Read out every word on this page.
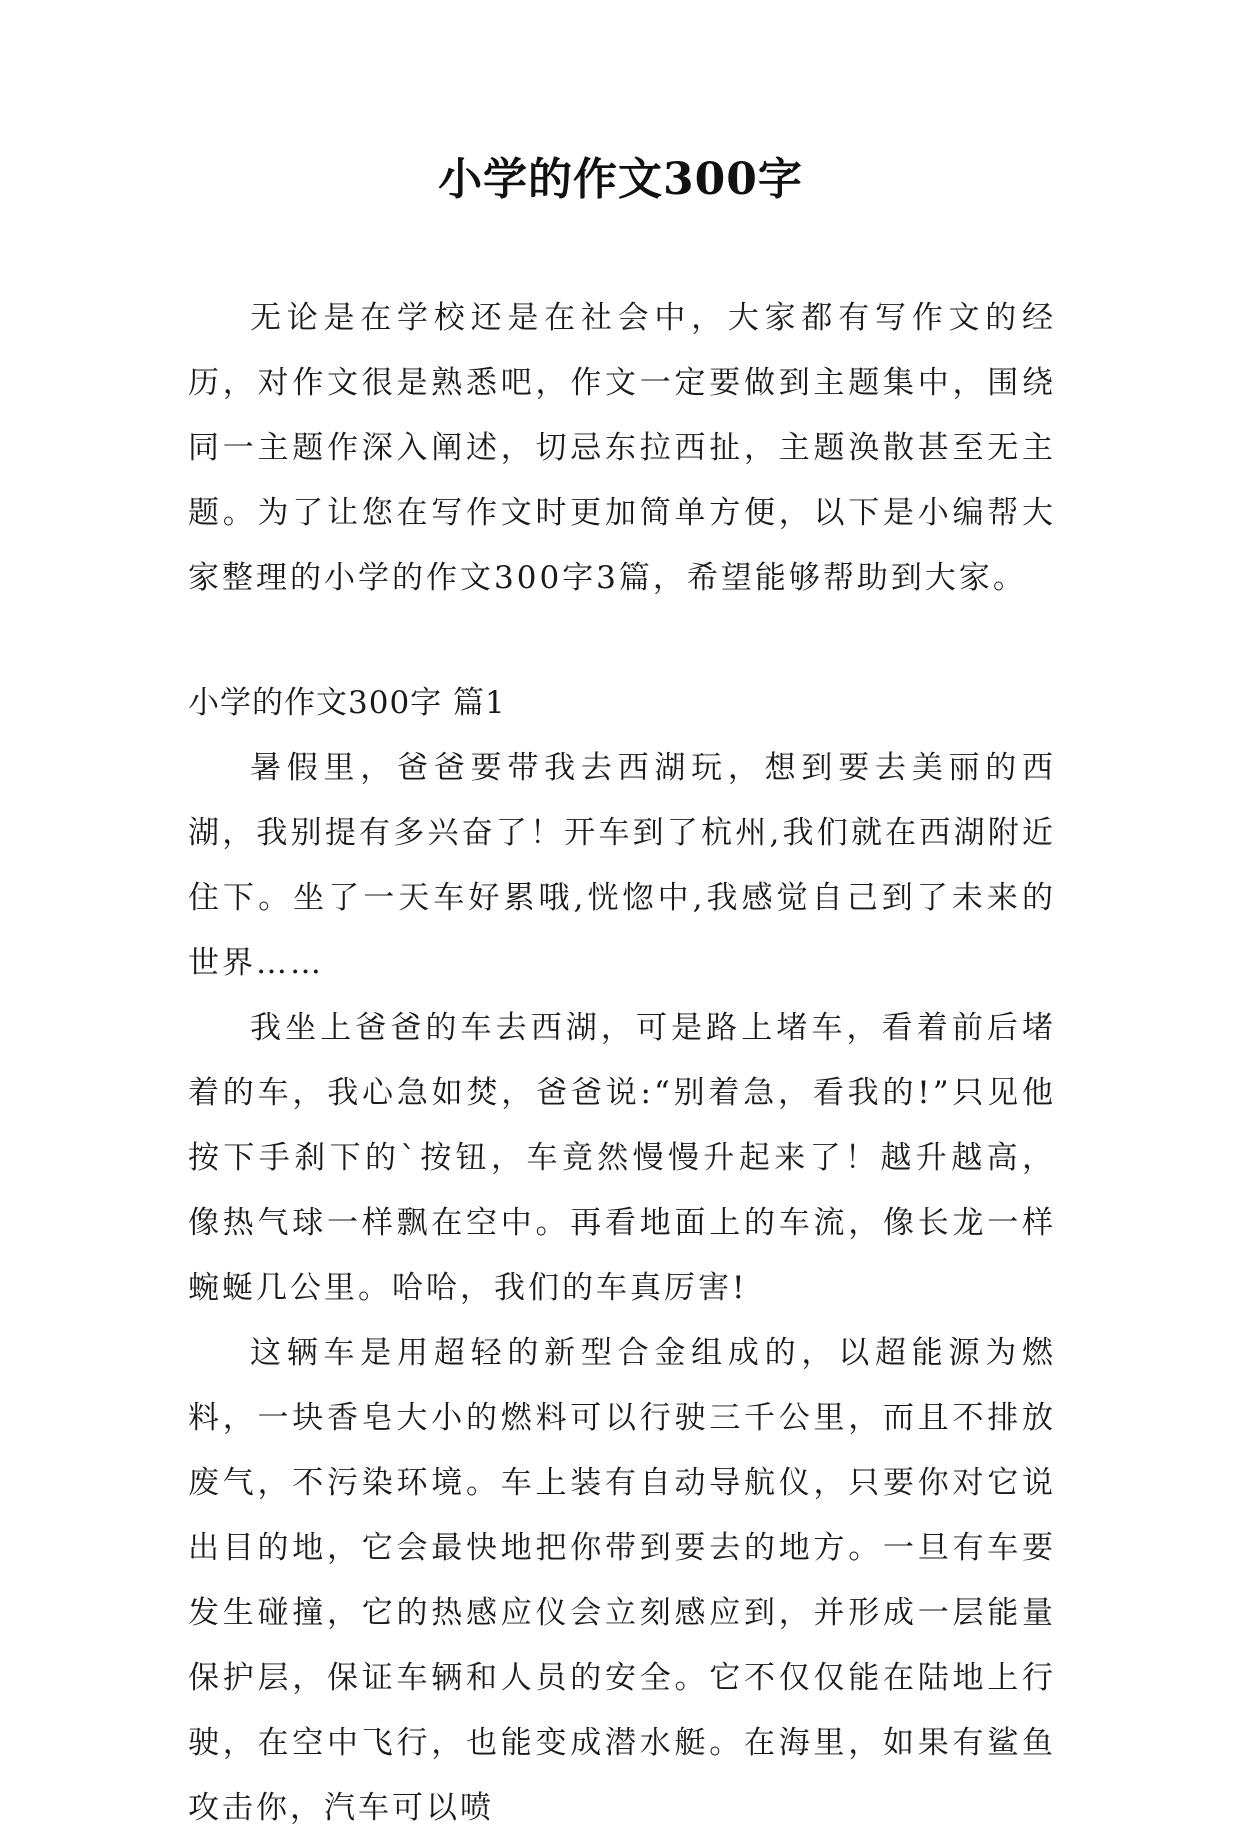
小学的作文300字

无论是在学校还是在社会中，大家都有写作文的经历，对作文很是熟悉吧，作文一定要做到主题集中，围绕同一主题作深入阐述，切忌东拉西扯，主题涣散甚至无主题。为了让您在写作文时更加简单方便，以下是小编帮大家整理的小学的作文300字3篇，希望能够帮助到大家。

小学的作文300字 篇1

暑假里，爸爸要带我去西湖玩，想到要去美丽的西湖，我别提有多兴奋了！开车到了杭州,我们就在西湖附近住下。坐了一天车好累哦,恍惚中,我感觉自己到了未来的世界……

我坐上爸爸的车去西湖，可是路上堵车，看着前后堵着的车，我心急如焚，爸爸说:“别着急，看我的!”只见他按下手刹下的`按钮，车竟然慢慢升起来了！越升越高，像热气球一样飘在空中。再看地面上的车流，像长龙一样蜿蜒几公里。哈哈，我们的车真厉害!

这辆车是用超轻的新型合金组成的，以超能源为燃料，一块香皂大小的燃料可以行驶三千公里，而且不排放废气，不污染环境。车上装有自动导航仪，只要你对它说出目的地，它会最快地把你带到要去的地方。一旦有车要发生碰撞，它的热感应仪会立刻感应到，并形成一层能量保护层，保证车辆和人员的安全。它不仅仅能在陆地上行驶，在空中飞行，也能变成潜水艇。在海里，如果有鲨鱼攻击你，汽车可以喷
